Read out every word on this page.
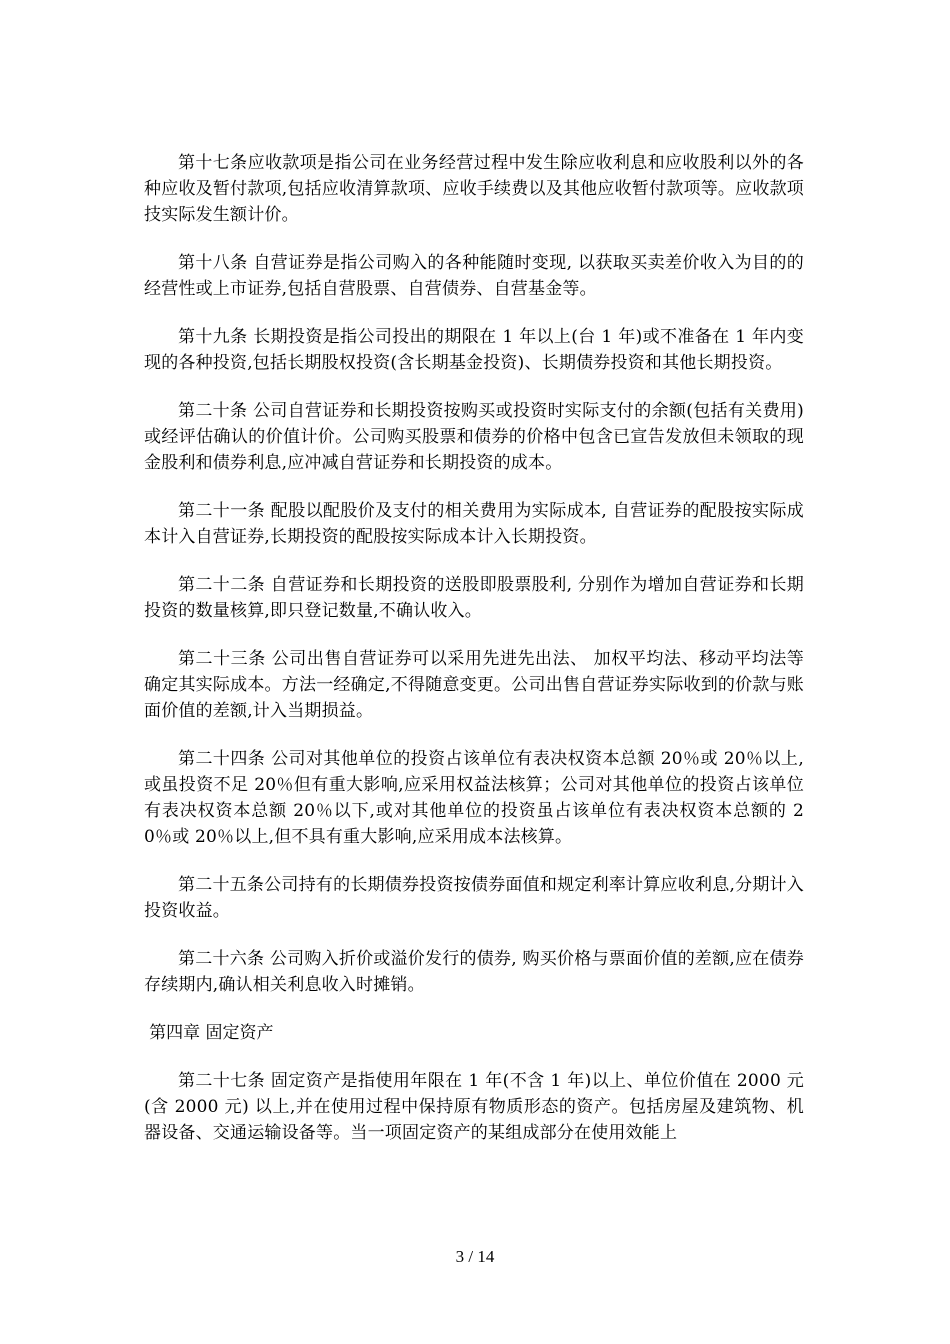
第十七条应收款项是指公司在业务经营过程中发生除应收利息和应收股利以外的各种应收及暂付款项,包括应收清算款项、应收手续费以及其他应收暂付款项等。应收款项技实际发生额计价。

第十八条 自营证券是指公司购入的各种能随时变现, 以获取买卖差价收入为目的的经营性或上市证券,包括自营股票、自营债券、自营基金等。

第十九条 长期投资是指公司投出的期限在 1 年以上(台 1 年)或不准备在 1 年内变现的各种投资,包括长期股权投资(含长期基金投资)、长期债券投资和其他长期投资。

第二十条 公司自营证券和长期投资按购买或投资时实际支付的余额(包括有关费用) 或经评估确认的价值计价。公司购买股票和债券的价格中包含已宣告发放但未领取的现金股利和债券利息,应冲减自营证券和长期投资的成本。

第二十一条 配股以配股价及支付的相关费用为实际成本, 自营证券的配股按实际成本计入自营证券,长期投资的配股按实际成本计入长期投资。

第二十二条 自营证券和长期投资的送股即股票股利, 分别作为增加自营证券和长期投资的数量核算,即只登记数量,不确认收入。

第二十三条 公司出售自营证券可以采用先进先出法、 加权平均法、移动平均法等确定其实际成本。方法一经确定,不得随意变更。公司出售自营证券实际收到的价款与账面价值的差额,计入当期损益。

第二十四条 公司对其他单位的投资占该单位有表决权资本总额 20％或 20％以上,或虽投资不足 20％但有重大影响,应采用权益法核算；公司对其他单位的投资占该单位有表决权资本总额 20％以下,或对其他单位的投资虽占该单位有表决权资本总额的 20％或 20％以上,但不具有重大影响,应采用成本法核算。

第二十五条公司持有的长期债券投资按债券面值和规定利率计算应收利息,分期计入投资收益。

第二十六条 公司购入折价或溢价发行的债券, 购买价格与票面价值的差额,应在债券存续期内,确认相关利息收入时摊销。

第四章 固定资产

第二十七条 固定资产是指使用年限在 1 年(不含 1 年)以上、单位价值在 2000 元(含 2000 元) 以上,并在使用过程中保持原有物质形态的资产。包括房屋及建筑物、机器设备、交通运输设备等。当一项固定资产的某组成部分在使用效能上

3 / 14
